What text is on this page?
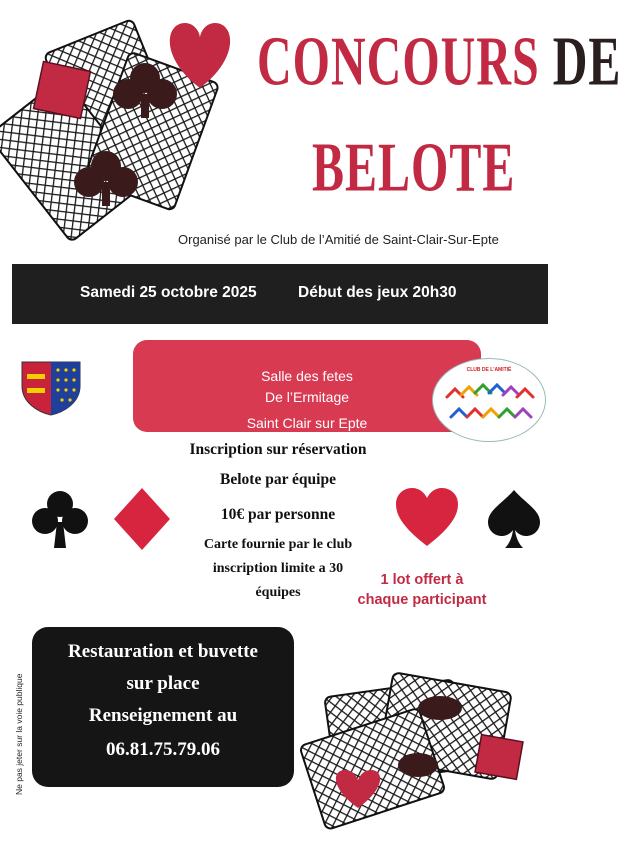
CONCOURS DE
BELOTE
Organisé par le Club de l’Amitié de Saint-Clair-Sur-Epte
Samedi 25 octobre 2025	Début des jeux 20h30
Salle des fetes
De l’Ermitage
Saint Clair sur Epte
CLUB DE L'AMITIÉ
Inscription sur réservation
Belote par équipe
10€ par personne
Carte fournie par le club
inscription limite a 30
équipes
1 lot offert à
chaque participant
Restauration et buvette
sur place
Renseignement au
06.81.75.79.06
Ne pas jeter sur la voie publique
